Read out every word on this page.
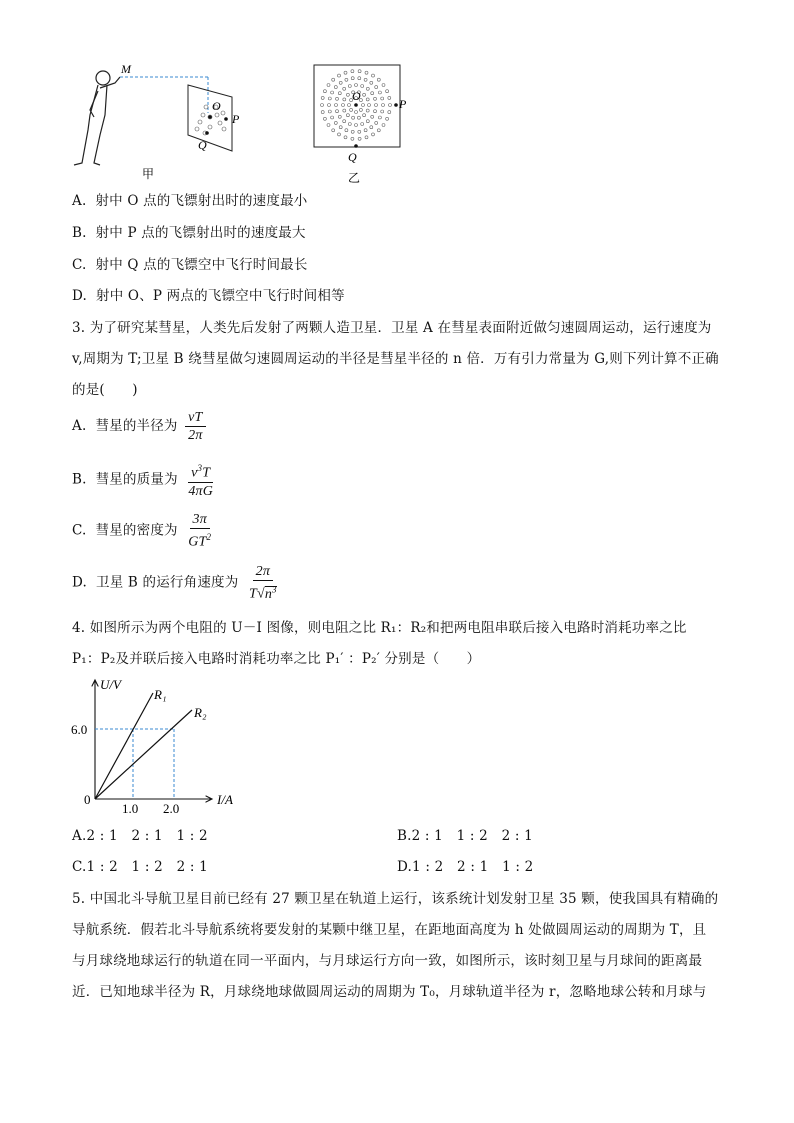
M
O
P
Q
O
P
Q
甲	乙
A. 射中 O 点的飞镖射出时的速度最小
B. 射中 P 点的飞镖射出时的速度最大
C. 射中 Q 点的飞镖空中飞行时间最长
D. 射中 O、P 两点的飞镖空中飞行时间相等
3. 为了研究某彗星，人类先后发射了两颗人造卫星．卫星 A 在彗星表面附近做匀速圆周运动，运行速度为
v,周期为 T;卫星 B 绕彗星做匀速圆周运动的半径是彗星半径的 n 倍．万有引力常量为 G,则下列计算不正确
的是(　　)
A. 彗星的半径为 $\frac{vT}{2\pi}$
B. 彗星的质量为 $\frac{v^3T}{4\pi G}$
C. 彗星的密度为 $\frac{3\pi}{GT^2}$
D. 卫星 B 的运行角速度为 $\frac{2\pi}{T√n^3}$
4. 如图所示为两个电阻的 U－I 图像，则电阻之比 R₁：R₂和把两电阻串联后接入电路时消耗功率之比
P₁：P₂及并联后接入电路时消耗功率之比 P₁′ ：P₂′ 分别是（　　）
U/V
I/A
0
6.0
1.0 2.0
R₁
R₂
A.2 : 1　2 : 1　1 : 2	B.2 : 1　1 : 2　2 : 1
C.1 : 2　1 : 2　2 : 1	D.1 : 2　2 : 1　1 : 2
5. 中国北斗导航卫星目前已经有 27 颗卫星在轨道上运行，该系统计划发射卫星 35 颗，使我国具有精确的
导航系统．假若北斗导航系统将要发射的某颗中继卫星，在距地面高度为 h 处做圆周运动的周期为 T，且
与月球绕地球运行的轨道在同一平面内，与月球运行方向一致，如图所示，该时刻卫星与月球间的距离最
近．已知地球半径为 R，月球绕地球做圆周运动的周期为 T₀，月球轨道半径为 r，忽略地球公转和月球与
